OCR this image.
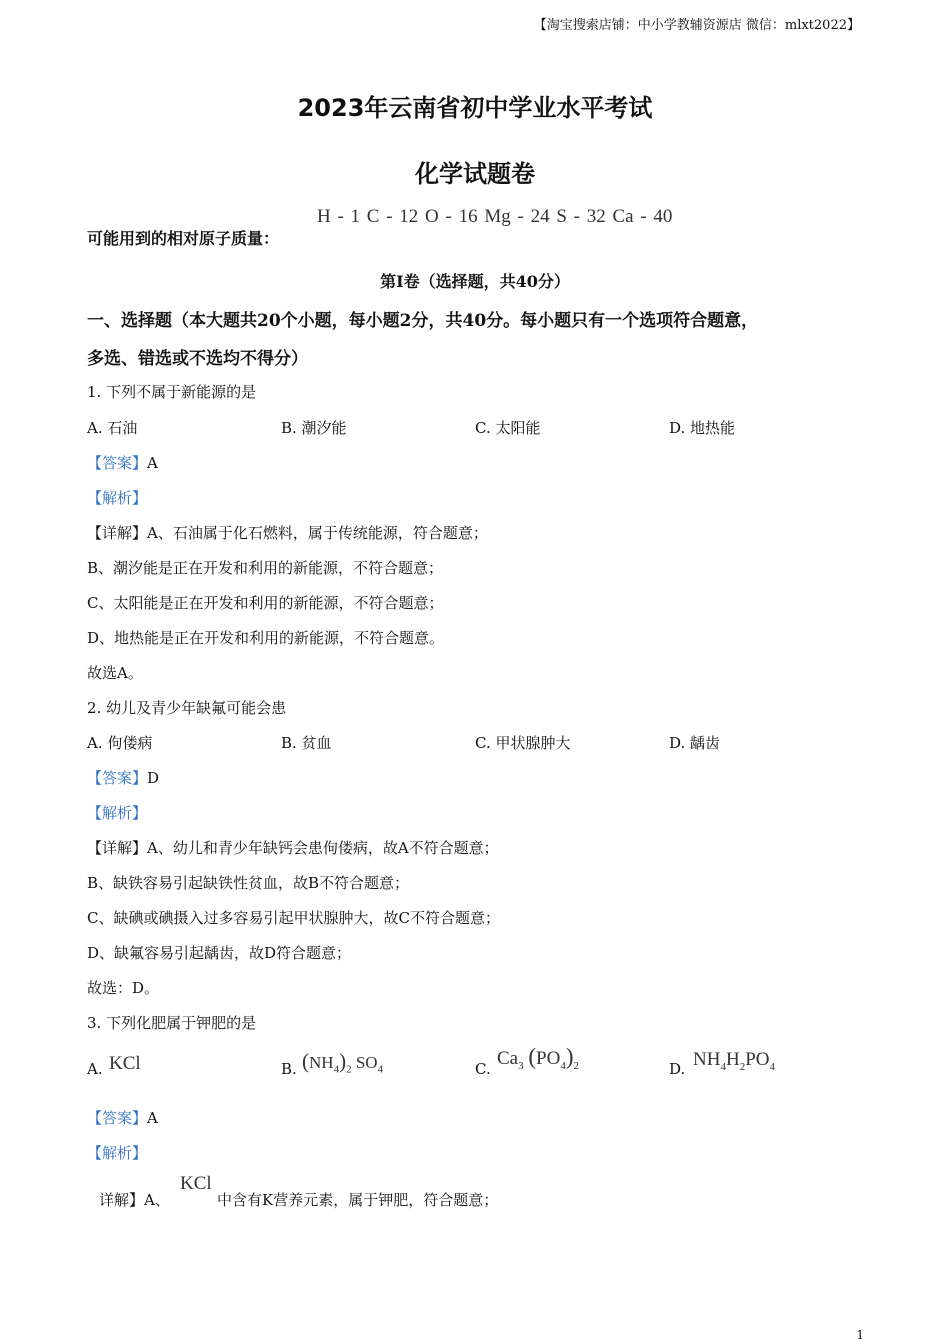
【淘宝搜索店铺：中小学教辅资源店 微信：mlxt2022】
2023年云南省初中学业水平考试
化学试题卷
可能用到的相对原子质量：
H - 1 C - 12 O - 16 Mg - 24 S - 32 Ca - 40
第Ⅰ卷（选择题，共40分）
一、选择题（本大题共20个小题，每小题2分，共40分。每小题只有一个选项符合题意，
多选、错选或不选均不得分）
1. 下列不属于新能源的是
A. 石油	B. 潮汐能	C. 太阳能	D. 地热能
【答案】A
【解析】
【详解】A、石油属于化石燃料，属于传统能源，符合题意；
B、潮汐能是正在开发和利用的新能源，不符合题意；
C、太阳能是正在开发和利用的新能源，不符合题意；
D、地热能是正在开发和利用的新能源，不符合题意。
故选A。
2. 幼儿及青少年缺氟可能会患
A. 佝偻病	B. 贫血	C. 甲状腺肿大	D. 龋齿
【答案】D
【解析】
【详解】A、幼儿和青少年缺钙会患佝偻病，故A不符合题意；
B、缺铁容易引起缺铁性贫血，故B不符合题意；
C、缺碘或碘摄入过多容易引起甲状腺肿大，故C不符合题意；
D、缺氟容易引起龋齿，故D符合题意；
故选：D。
3. 下列化肥属于钾肥的是
A. KCl	B. $(NH_4)_2$ $SO_4$	C. $Ca_3$ $(PO_4)_2$	D. $NH_4H_2PO_4$
【答案】A
【解析】
详解】A、
KCl
中含有K营养元素，属于钾肥，符合题意；
1
